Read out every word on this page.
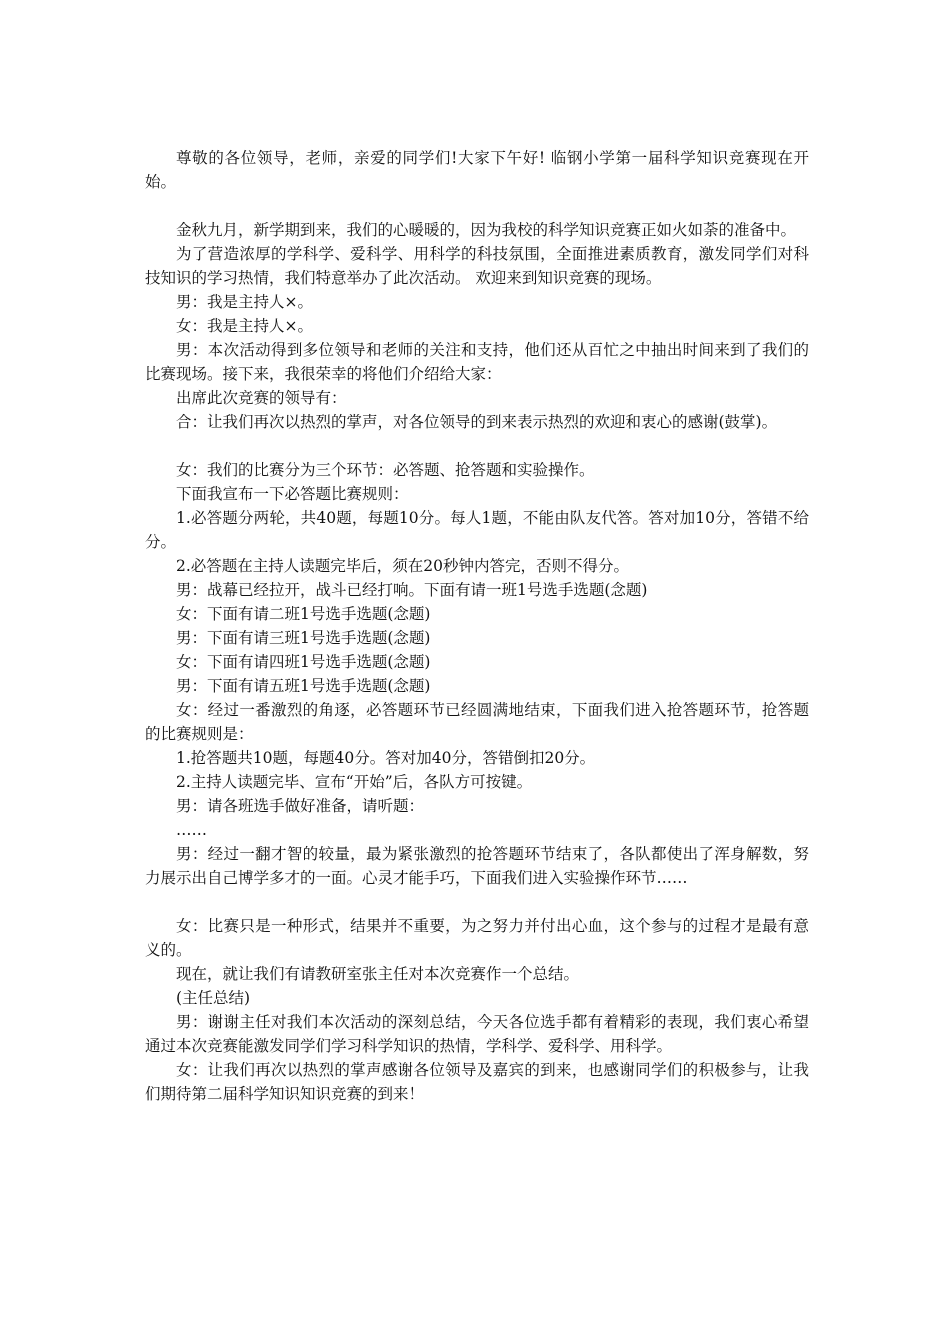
尊敬的各位领导，老师，亲爱的同学们!大家下午好! 临钢小学第一届科学知识竞赛现在开始。
金秋九月，新学期到来，我们的心暖暖的，因为我校的科学知识竞赛正如火如荼的准备中。
为了营造浓厚的学科学、爱科学、用科学的科技氛围，全面推进素质教育，激发同学们对科技知识的学习热情，我们特意举办了此次活动。 欢迎来到知识竞赛的现场。
男：我是主持人×。
女：我是主持人×。
男：本次活动得到多位领导和老师的关注和支持，他们还从百忙之中抽出时间来到了我们的比赛现场。接下来，我很荣幸的将他们介绍给大家：
出席此次竞赛的领导有：
合：让我们再次以热烈的掌声，对各位领导的到来表示热烈的欢迎和衷心的感谢(鼓掌)。
女：我们的比赛分为三个环节：必答题、抢答题和实验操作。
下面我宣布一下必答题比赛规则：
1.必答题分两轮，共40题，每题10分。每人1题，不能由队友代答。答对加10分，答错不给分。
2.必答题在主持人读题完毕后，须在20秒钟内答完，否则不得分。
男：战幕已经拉开，战斗已经打响。下面有请一班1号选手选题(念题)
女：下面有请二班1号选手选题(念题)
男：下面有请三班1号选手选题(念题)
女：下面有请四班1号选手选题(念题)
男：下面有请五班1号选手选题(念题)
女：经过一番激烈的角逐，必答题环节已经圆满地结束，下面我们进入抢答题环节，抢答题的比赛规则是：
1.抢答题共10题，每题40分。答对加40分，答错倒扣20分。
2.主持人读题完毕、宣布“开始”后，各队方可按键。
男：请各班选手做好准备，请听题：
……
男：经过一翻才智的较量，最为紧张激烈的抢答题环节结束了，各队都使出了浑身解数，努力展示出自己博学多才的一面。心灵才能手巧，下面我们进入实验操作环节……
女：比赛只是一种形式，结果并不重要，为之努力并付出心血，这个参与的过程才是最有意义的。
现在，就让我们有请教研室张主任对本次竞赛作一个总结。
(主任总结)
男：谢谢主任对我们本次活动的深刻总结，今天各位选手都有着精彩的表现，我们衷心希望通过本次竞赛能激发同学们学习科学知识的热情，学科学、爱科学、用科学。
女：让我们再次以热烈的掌声感谢各位领导及嘉宾的到来，也感谢同学们的积极参与，让我们期待第二届科学知识知识竞赛的到来！
